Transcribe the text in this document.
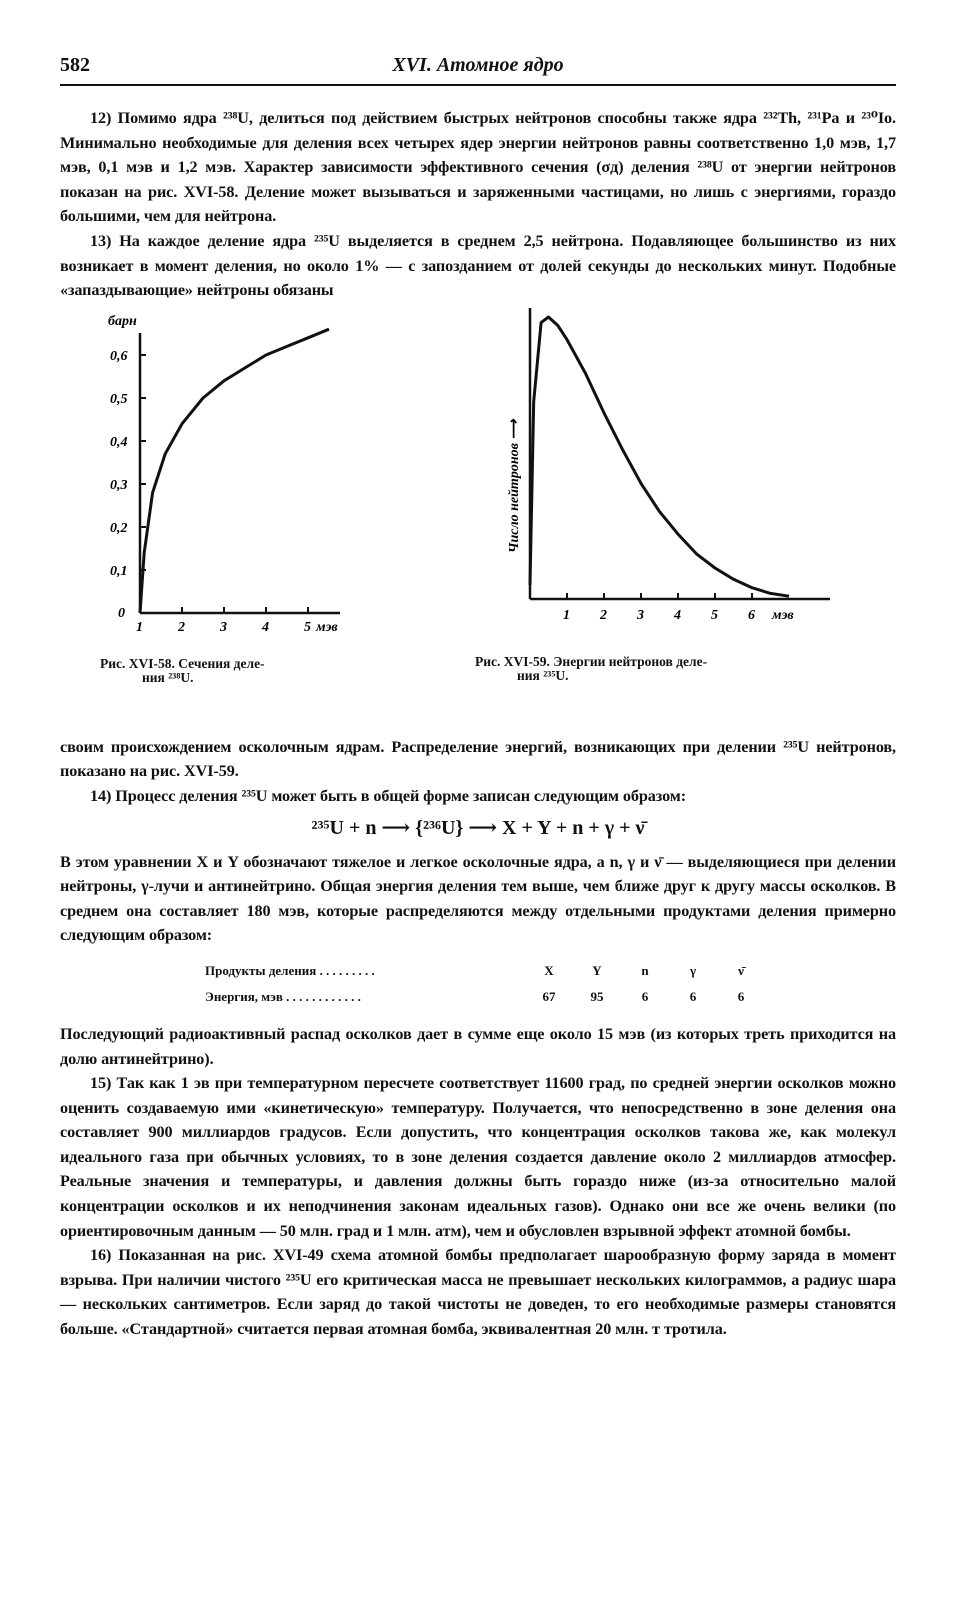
582	XVI. Атомное ядро

12) Помимо ядра ²³⁸U, делиться под действием быстрых нейтронов способны также ядра ²³²Th, ²³¹Pa и ²³⁰Io. Минимально необходимые для деления всех четырех ядер энергии нейтронов равны соответственно 1,0 мэв, 1,7 мэв, 0,1 мэв и 1,2 мэв. Характер зависимости эффективного сечения (σд) деления ²³⁸U от энергии нейтронов показан на рис. XVI-58. Деление может вызываться и заряженными частицами, но лишь с энергиями, гораздо большими, чем для нейтрона.

13) На каждое деление ядра ²³⁵U выделяется в среднем 2,5 нейтрона. Подавляющее большинство из них возникает в момент деления, но около 1% — с запозданием от долей секунды до нескольких минут. Подобные «запаздывающие» нейтроны обязаны

барн
0,6
0,5
0,4
0,3
0,2
0,1
0
1	2	3	4	5 мэв
Рис. XVI-58. Сечения деле-
ния ²³⁸U.
Число нейтронов ⟶
1 2 3 4 5 6 мэв
Рис. XVI-59. Энергии нейтронов деле-
ния ²³⁵U.

своим происхождением осколочным ядрам. Распределение энергий, возникающих при делении ²³⁵U нейтронов, показано на рис. XVI-59.

14) Процесс деления ²³⁵U может быть в общей форме записан следующим образом:

²³⁵U + n ⟶ {²³⁶U} ⟶ X + Y + n + γ + ν̄

В этом уравнении X и Y обозначают тяжелое и легкое осколочные ядра, а n, γ и ν̄ — выделяющиеся при делении нейтроны, γ-лучи и антинейтрино. Общая энергия деления тем выше, чем ближе друг к другу массы осколков. В среднем она составляет 180 мэв, которые распределяются между отдельными продуктами деления примерно следующим образом:

Продукты деления . . . . . . . . .	X	Y	n	γ	ν̄
Энергия, мэв . . . . . . . . . . . .	67	95	6	6	6

Последующий радиоактивный распад осколков дает в сумме еще около 15 мэв (из которых треть приходится на долю антинейтрино).

15) Так как 1 эв при температурном пересчете соответствует 11600 град, по средней энергии осколков можно оценить создаваемую ими «кинетическую» температуру. Получается, что непосредственно в зоне деления она составляет 900 миллиардов градусов. Если допустить, что концентрация осколков такова же, как молекул идеального газа при обычных условиях, то в зоне деления создается давление около 2 миллиардов атмосфер. Реальные значения и температуры, и давления должны быть гораздо ниже (из-за относительно малой концентрации осколков и их неподчинения законам идеальных газов). Однако они все же очень велики (по ориентировочным данным — 50 млн. град и 1 млн. атм), чем и обусловлен взрывной эффект атомной бомбы.

16) Показанная на рис. XVI-49 схема атомной бомбы предполагает шарообразную форму заряда в момент взрыва. При наличии чистого ²³⁵U его критическая масса не превышает нескольких килограммов, а радиус шара — нескольких сантиметров. Если заряд до такой чистоты не доведен, то его необходимые размеры становятся больше. «Стандартной» считается первая атомная бомба, эквивалентная 20 млн. т тротила.
